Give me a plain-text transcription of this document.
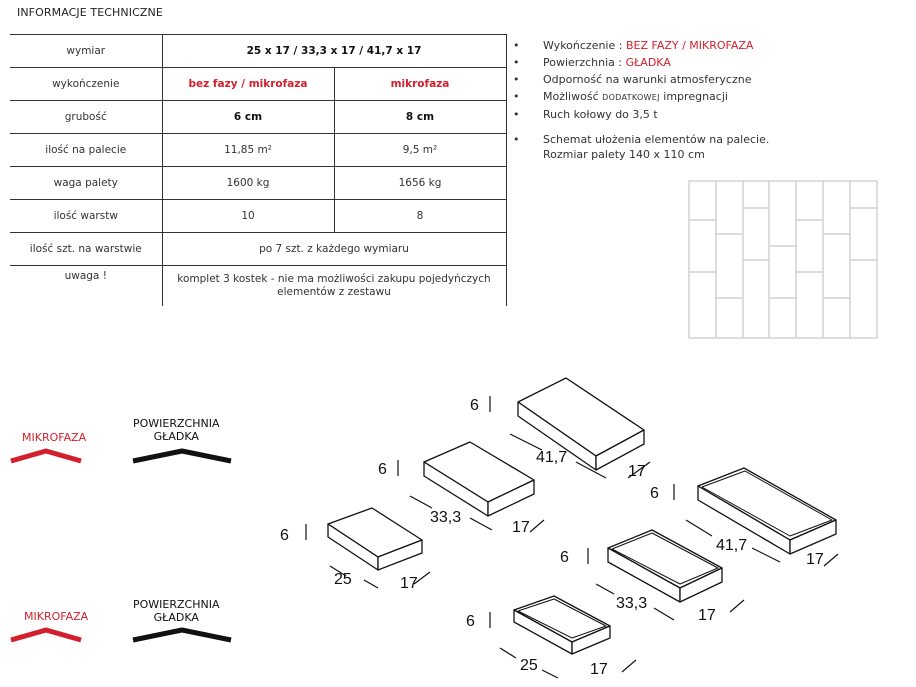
INFORMACJE TECHNICZNE
wymiar	25 x 17 / 33,3 x 17 / 41,7 x 17	
wykończenie	bez fazy / mikrofaza	mikrofaza
grubość	6 cm	8 cm
ilość na palecie	11,85 m²	9,5 m²
waga palety	1600 kg	1656 kg
ilość warstw	10	8
ilość szt. na warstwie	po 7 szt. z każdego wymiaru	
uwaga !	komplet 3 kostek - nie ma możliwości zakupu pojedyńczych elementów z zestawu	
• Wykończenie : BEZ FAZY / MIKROFAZA
• Powierzchnia : GŁADKA
• Odporność na warunki atmosferyczne
• Możliwość DODATKOWEJ impregnacji
• Ruch kołowy do 3,5 t
• Schemat ułożenia elementów na palecie.
Rozmiar palety 140 x 110 cm
MIKROFAZA
POWIERZCHNIA
GŁADKA
MIKROFAZA
POWIERZCHNIA
GŁADKA
6
41,7
17
6
33,3
17
6
25	17
6
41,7
17
6
33,3
17
6
25	17
